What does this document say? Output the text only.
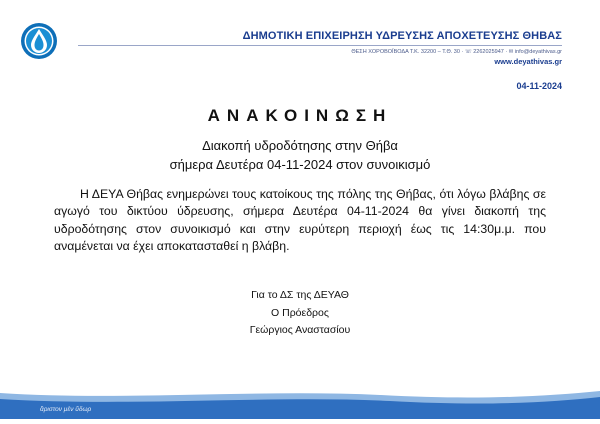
ΔΗΜΟΤΙΚΗ ΕΠΙΧΕΙΡΗΣΗ ΥΔΡΕΥΣΗΣ ΑΠΟΧΕΤΕΥΣΗΣ ΘΗΒΑΣ
ΘΕΣΗ ΧΟΡΟΒΟΪΒΟΔΑ Τ.Κ. 32200 – Τ.Θ. 30 · ☏ 2262025947 · ✉ info@deyathivas.gr
www.deyathivas.gr
04-11-2024
ΑΝΑΚΟΙΝΩΣΗ
Διακοπή υδροδότησης στην Θήβα
σήμερα Δευτέρα 04-11-2024 στον συνοικισμό
Η ΔΕΥΑ Θήβας ενημερώνει τους κατοίκους της πόλης της Θήβας, ότι λόγω βλάβης σε αγωγό του δικτύου ύδρευσης, σήμερα Δευτέρα 04-11-2024 θα γίνει διακοπή της υδροδότησης στον συνοικισμό και στην ευρύτερη περιοχή έως τις 14:30μ.μ. που αναμένεται να έχει αποκατασταθεί η βλάβη.
Για το ΔΣ της ΔΕΥΑΘ
Ο Πρόεδρος
Γεώργιος Αναστασίου
ἄριστον μὲν ὕδωρ
